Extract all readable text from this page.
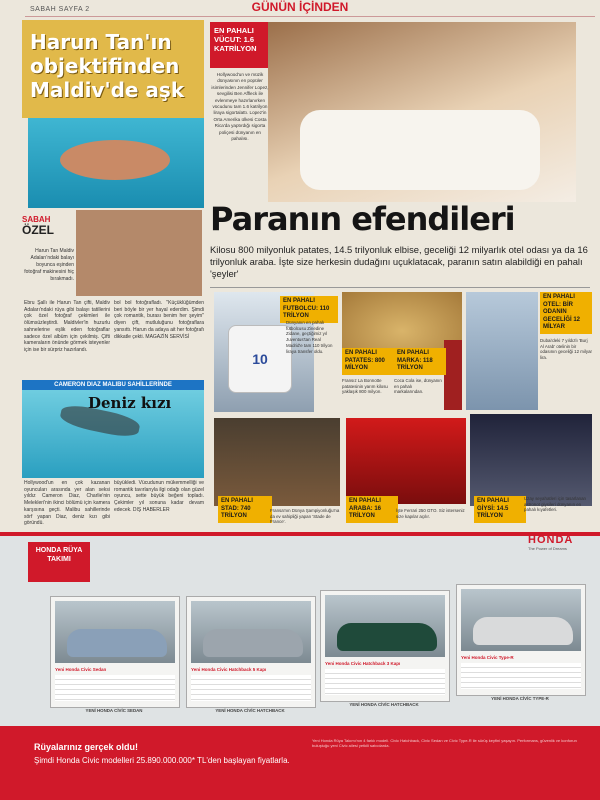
SABAH SAYFA 2	GÜNÜN İÇİNDEN
Harun Tan'ın objektifinden Maldiv'de aşk
SABAH
ÖZEL
Harun Tan Maldiv Adaları'ndaki balayı boyunca eşinden fotoğraf makinesini hiç bırakmadı.
Ebru Şallı ile Harun Tan çifti, Maldiv Adaları'ndaki rüya gibi balayı tatillerini çok özel fotoğraf çekimleri ile ölümsüzleştirdi. Maldivler'in huzurlu sahnelerine eşlik eden fotoğraflar sadece özel albüm için çekilmiş. Çifti kameraların önünde görmek isteyenler için ise bir sürpriz hazırlandı.
bol bol fotoğrafladı. "Küçüklüğümden beri böyle bir yer hayal ederdim. Şimdi çok romantik, burası benim her şeyim" diyen çift, mutluluğunu fotoğraflara yansıttı. Harun da adaya ait her fotoğrafı dikkatle çekti. MAGAZİN SERVİSİ
CAMERON DIAZ MALIBU SAHİLLERİNDE
Deniz kızı
Hollywood'un en çok kazanan oyuncuları arasında yer alan seksi yıldız Cameron Diaz, Charlie'nin Melekleri'nin ikinci bölümü için kamera karşısına geçti. Malibu sahillerinde sörf yapan Diaz, deniz kızı gibi göründü.
büyükledi. Vücudunun mükemmelliği ve romantik tavırlarıyla ilgi odağı olan güzel oyuncu, sette büyük beğeni topladı. Çekimler yıl sonuna kadar devam edecek. DIŞ HABERLER
EN PAHALI VÜCUT: 1.6 KATRİLYON
Hollywood'un ve müzik dünyasının en popüler isimlerinden Jennifer Lopez, sevgilisi Ben Affleck ile evlenmeye hazırlanırken vücudunu tam 1.6 katrilyon liraya sigortalattı. Lopez'in Orta Amerika ülkesi Costa Rica'da yaptırdığı sigorta poliçesi dünyanın en pahalısı.
Paranın efendileri
Kilosu 800 milyonluk patates, 14.5 trilyonluk elbise, geceliği 12 milyarlık otel odası ya da 16 trilyonluk araba. İşte size herkesin dudağını uçuklatacak, paranın satın alabildiği en pahalı 'şeyler'
10
EN PAHALI FUTBOLCU: 110 TRİLYON
Dünyanın en pahalı futbolcusu Zinedine Zidane, geçtiğimiz yıl Juventus'tan Real Madrid'e tam 110 trilyon liraya transfer oldu.	EN PAHALI PATATES: 800 MİLYON
Fransız La Bonnotte patatesinin yarım kilosu yaklaşık 800 milyon.
EN PAHALI MARKA: 118 TRİLYON
Coca Cola ise, dünyanın en pahalı markalarından.
EN PAHALI OTEL: BİR ODANIN GECELİĞİ 12 MİLYAR
Dubai'deki 7 yıldızlı 'Burj Al Arab' otelinin bir odasının geceliği 12 milyar lira.
EN PAHALI STAD: 740 TRİLYON
Fransa'nın Dünya Şampiyonluğu'na da ev sahipliği yapan 'Stade de France'.
EN PAHALI ARABA: 16 TRİLYON
İşte Ferrari 250 GTO. Siz isterseniz size kapılar açılır.
EN PAHALI GİYSİ: 14.5 TRİLYON
Uzay seyahatleri için tasarlanan astronot giysileri dünyanın en pahalı kıyafetleri.
HONDA RÜYA TAKIMI
HONDA
The Power of Dreams
Yeni Honda Civic Sedan
YENİ HONDA CİVİC SEDAN
Yeni Honda Civic Hatchback 5 Kapı
YENİ HONDA CİVİC HATCHBACK
Yeni Honda Civic Hatchback 3 Kapı
YENİ HONDA CİVİC HATCHBACK
Yeni Honda Civic Type-R
YENİ HONDA CİVİC TYPE-R
Rüyalarınız gerçek oldu!
Şimdi Honda Civic modelleri 25.890.000.000* TL'den başlayan fiyatlarla.
Yeni Honda Rüya Takımı'nın 4 farklı modeli. Civic Hatchback, Civic Sedan ve Civic Type-R ile sürüş keyfini yaşayın. Performans, güvenlik ve konforun buluştuğu yeni Civic ailesi yetkili satıcılarda.
